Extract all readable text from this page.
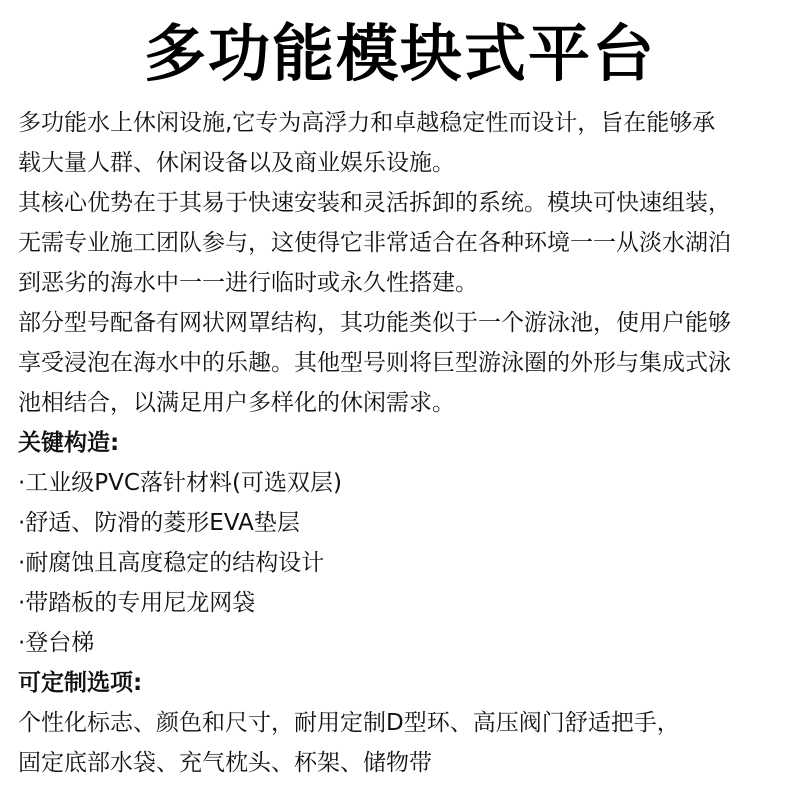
多功能模块式平台

多功能水上休闲设施,它专为高浮力和卓越稳定性而设计，旨在能够承

载大量人群、休闲设备以及商业娱乐设施。

其核心优势在于其易于快速安装和灵活拆卸的系统。模块可快速组装，

无需专业施工团队参与，这使得它非常适合在各种环境一一从淡水湖泊

到恶劣的海水中一一进行临时或永久性搭建。

部分型号配备有网状网罩结构，其功能类似于一个游泳池，使用户能够

享受浸泡在海水中的乐趣。其他型号则将巨型游泳圈的外形与集成式泳

池相结合，以满足用户多样化的休闲需求。

关键构造:

·工业级PVC落针材料(可选双层)

·舒适、防滑的菱形EVA垫层

·耐腐蚀且高度稳定的结构设计

·带踏板的专用尼龙网袋

·登台梯

可定制选项:

个性化标志、颜色和尺寸，耐用定制D型环、高压阀门舒适把手，

固定底部水袋、充气枕头、杯架、储物带
